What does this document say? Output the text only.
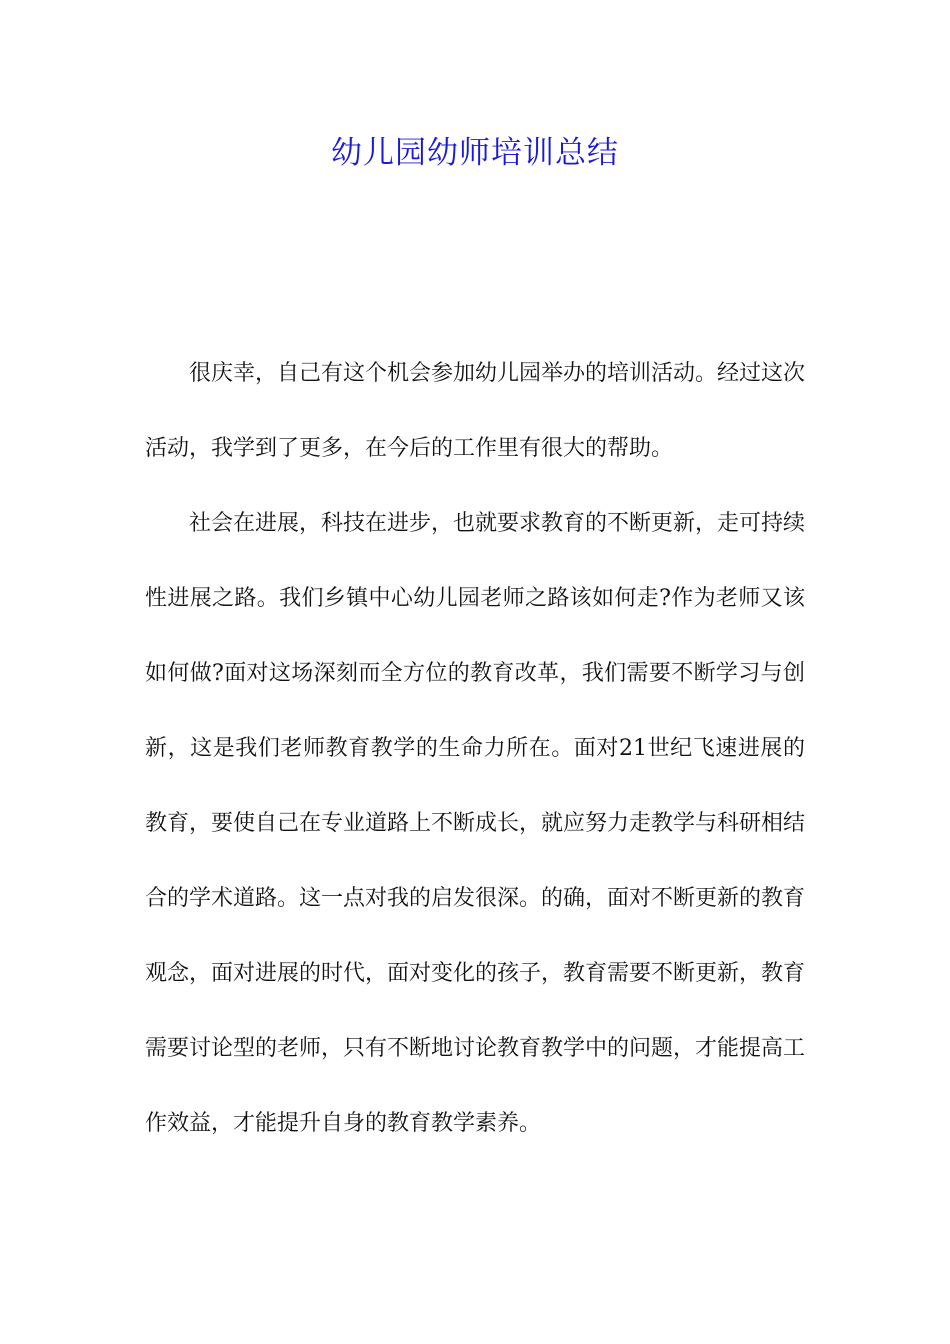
幼儿园幼师培训总结

很庆幸，自己有这个机会参加幼儿园举办的培训活动。经过这次活动，我学到了更多，在今后的工作里有很大的帮助。

社会在进展，科技在进步，也就要求教育的不断更新，走可持续性进展之路。我们乡镇中心幼儿园老师之路该如何走?作为老师又该如何做?面对这场深刻而全方位的教育改革，我们需要不断学习与创新，这是我们老师教育教学的生命力所在。面对21世纪飞速进展的教育，要使自己在专业道路上不断成长，就应努力走教学与科研相结合的学术道路。这一点对我的启发很深。的确，面对不断更新的教育观念，面对进展的时代，面对变化的孩子，教育需要不断更新，教育需要讨论型的老师，只有不断地讨论教育教学中的问题，才能提高工作效益，才能提升自身的教育教学素养。
